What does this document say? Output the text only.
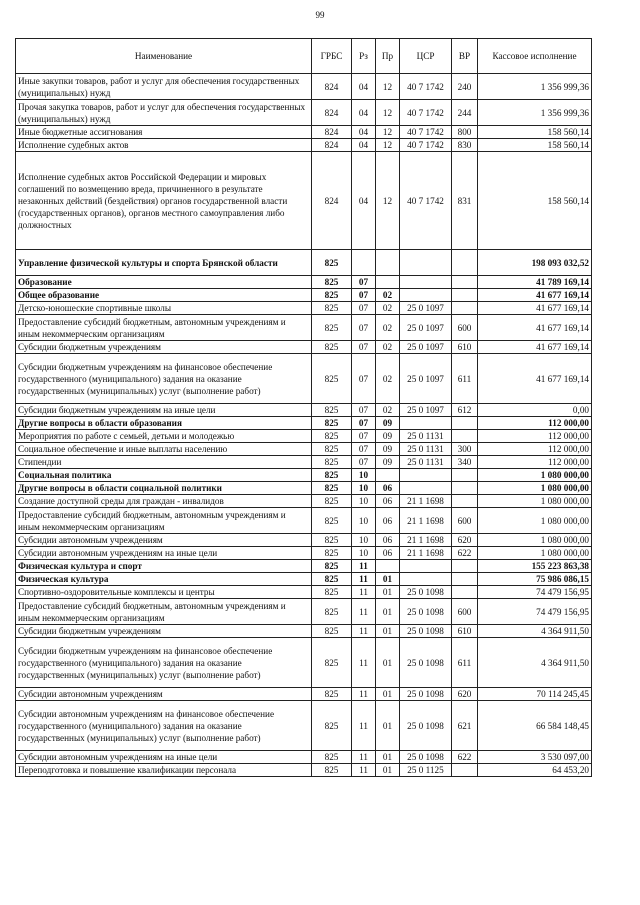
99
Наименование	ГРБС	Рз	Пр	ЦСР	ВР	Кассовое исполнение
Иные закупки товаров, работ и услуг для обеспечения государственных (муниципальных) нужд	824	04	12	40 7 1742	240	1 356 999,36
Прочая закупка товаров, работ и услуг для обеспечения государственных (муниципальных) нужд	824	04	12	40 7 1742	244	1 356 999,36
Иные бюджетные ассигнования	824	04	12	40 7 1742	800	158 560,14
Исполнение судебных актов	824	04	12	40 7 1742	830	158 560,14
Исполнение судебных актов Российской Федерации и мировых соглашений по возмещению вреда, причиненного в результате незаконных действий (бездействия) органов государственной власти (государственных органов), органов местного самоуправления либо должностных	824	04	12	40 7 1742	831	158 560,14
Управление физической культуры и спорта Брянской области	825					198 093 032,52
Образование	825	07				41 789 169,14
Общее образование	825	07	02			41 677 169,14
Детско-юношеские спортивные школы	825	07	02	25 0 1097		41 677 169,14
Предоставление субсидий бюджетным, автономным учреждениям и иным некоммерческим организациям	825	07	02	25 0 1097	600	41 677 169,14
Субсидии бюджетным учреждениям	825	07	02	25 0 1097	610	41 677 169,14
Субсидии бюджетным учреждениям на финансовое обеспечение государственного (муниципального) задания на оказание государственных (муниципальных) услуг (выполнение работ)	825	07	02	25 0 1097	611	41 677 169,14
Субсидии бюджетным учреждениям на иные цели	825	07	02	25 0 1097	612	0,00
Другие вопросы в области образования	825	07	09			112 000,00
Мероприятия по работе с семьей, детьми и молодежью	825	07	09	25 0 1131		112 000,00
Социальное обеспечение и иные выплаты населению	825	07	09	25 0 1131	300	112 000,00
Стипендии	825	07	09	25 0 1131	340	112 000,00
Социальная политика	825	10				1 080 000,00
Другие вопросы в области социальной политики	825	10	06			1 080 000,00
Создание доступной среды для граждан - инвалидов	825	10	06	21 1 1698		1 080 000,00
Предоставление субсидий бюджетным, автономным учреждениям и иным некоммерческим организациям	825	10	06	21 1 1698	600	1 080 000,00
Субсидии автономным учреждениям	825	10	06	21 1 1698	620	1 080 000,00
Субсидии автономным учреждениям на иные цели	825	10	06	21 1 1698	622	1 080 000,00
Физическая культура и спорт	825	11				155 223 863,38
Физическая культура	825	11	01			75 986 086,15
Спортивно-оздоровительные комплексы и центры	825	11	01	25 0 1098		74 479 156,95
Предоставление субсидий бюджетным, автономным учреждениям и иным некоммерческим организациям	825	11	01	25 0 1098	600	74 479 156,95
Субсидии бюджетным учреждениям	825	11	01	25 0 1098	610	4 364 911,50
Субсидии бюджетным учреждениям на финансовое обеспечение государственного (муниципального) задания на оказание государственных (муниципальных) услуг (выполнение работ)	825	11	01	25 0 1098	611	4 364 911,50
Субсидии автономным учреждениям	825	11	01	25 0 1098	620	70 114 245,45
Субсидии автономным учреждениям на финансовое обеспечение государственного (муниципального) задания на оказание государственных (муниципальных) услуг (выполнение работ)	825	11	01	25 0 1098	621	66 584 148,45
Субсидии автономным учреждениям на иные цели	825	11	01	25 0 1098	622	3 530 097,00
Переподготовка и повышение квалификации персонала	825	11	01	25 0 1125		64 453,20
